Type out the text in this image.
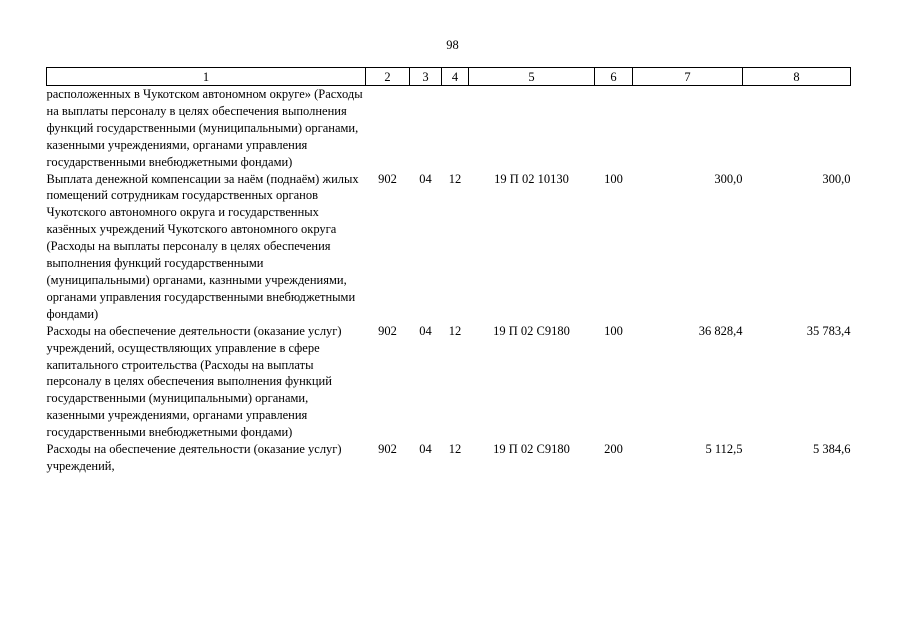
98
1	2	3	4	5	6	7	8
расположенных в Чукотском автономном округе» (Расходы на выплаты персоналу в целях обеспечения выполнения функций государственными (муниципальными) органами, казенными учреждениями, органами управления государственными внебюджетными фондами)							
Выплата денежной компенсации за наём (поднаём) жилых помещений сотрудникам государственных органов Чукотского автономного округа и государственных казённых учреждений Чукотского автономного округа (Расходы на выплаты персоналу в целях обеспечения выполнения функций государственными (муниципальными) органами, казнными учреждениями, органами управления государственными внебюджетными фондами)	902	04	12	19 П 02 10130	100	300,0	300,0
Расходы на обеспечение деятельности (оказание услуг) учреждений, осуществляющих управление в сфере капитального строительства (Расходы на выплаты персоналу в целях обеспечения выполнения функций государственными (муниципальными) органами, казенными учреждениями, органами управления государственными внебюджетными фондами)	902	04	12	19 П 02 С9180	100	36 828,4	35 783,4
Расходы на обеспечение деятельности (оказание услуг) учреждений,	902	04	12	19 П 02 С9180	200	5 112,5	5 384,6
